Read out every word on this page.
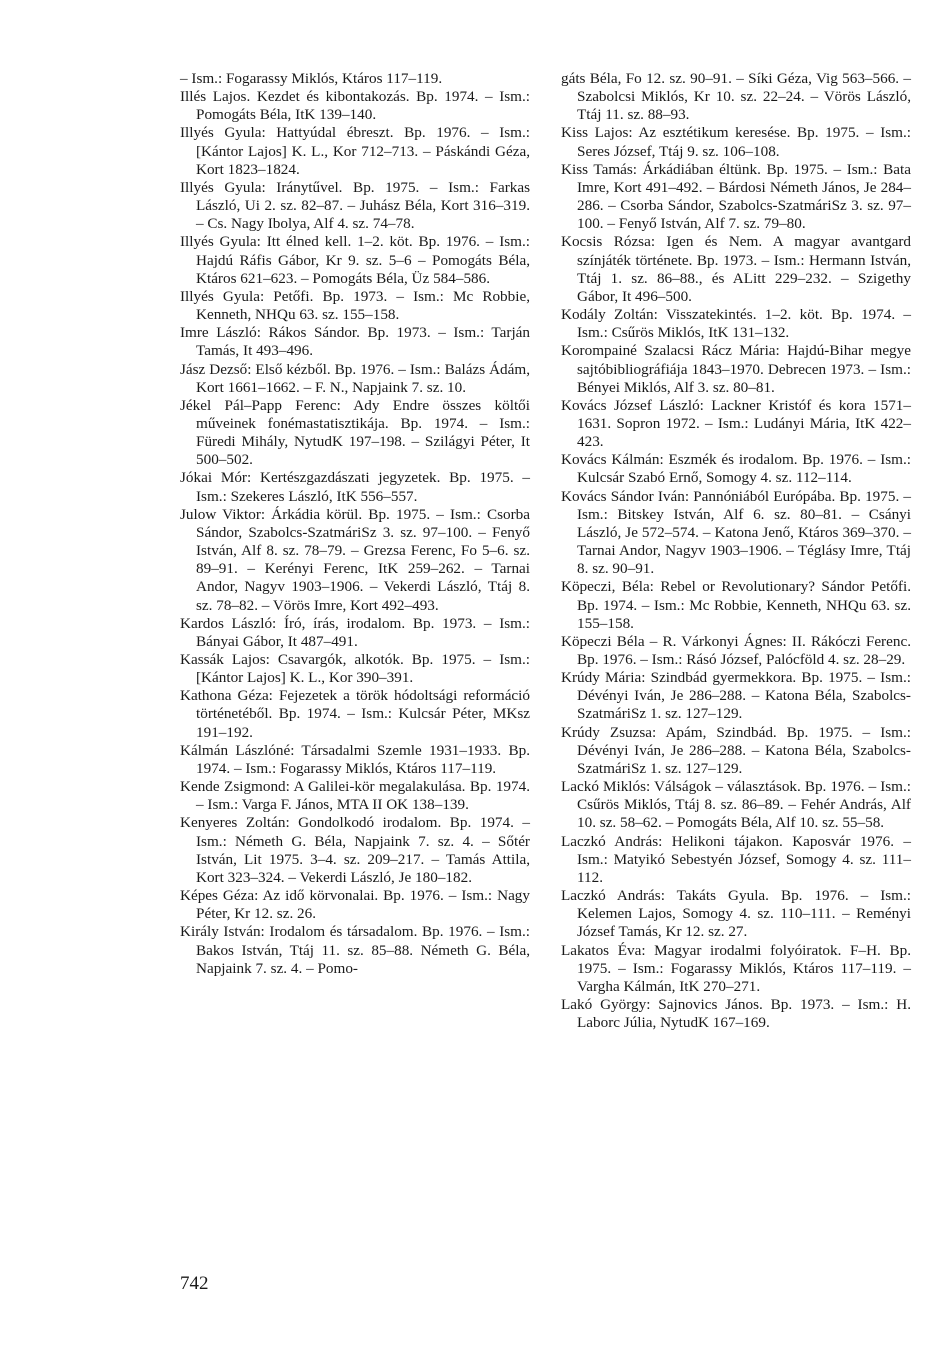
– Ism.: Fogarassy Miklós, Ktáros 117–119.

Illés Lajos. Kezdet és kibontakozás. Bp. 1974. – Ism.: Pomogáts Béla, ItK 139–140.

Illyés Gyula: Hattyúdal ébreszt. Bp. 1976. – Ism.: [Kántor Lajos] K. L., Kor 712–713. – Páskándi Géza, Kort 1823–1824.

Illyés Gyula: Iránytűvel. Bp. 1975. – Ism.: Farkas László, Ui 2. sz. 82–87. – Juhász Béla, Kort 316–319. – Cs. Nagy Ibolya, Alf 4. sz. 74–78.

Illyés Gyula: Itt élned kell. 1–2. köt. Bp. 1976. – Ism.: Hajdú Ráfis Gábor, Kr 9. sz. 5–6 – Pomogáts Béla, Ktáros 621–623. – Pomogáts Béla, Üz 584–586.

Illyés Gyula: Petőfi. Bp. 1973. – Ism.: Mc Robbie, Kenneth, NHQu 63. sz. 155–158.

Imre László: Rákos Sándor. Bp. 1973. – Ism.: Tarján Tamás, It 493–496.

Jász Dezső: Első kézből. Bp. 1976. – Ism.: Balázs Ádám, Kort 1661–1662. – F. N., Napjaink 7. sz. 10.

Jékel Pál–Papp Ferenc: Ady Endre összes költői műveinek fonémastatisztikája. Bp. 1974. – Ism.: Füredi Mihály, NytudK 197–198. – Szilágyi Péter, It 500–502.

Jókai Mór: Kertészgazdászati jegyzetek. Bp. 1975. – Ism.: Szekeres László, ItK 556–557.

Julow Viktor: Árkádia körül. Bp. 1975. – Ism.: Csorba Sándor, Szabolcs-SzatmáriSz 3. sz. 97–100. – Fenyő István, Alf 8. sz. 78–79. – Grezsa Ferenc, Fo 5–6. sz. 89–91. – Kerényi Ferenc, ItK 259–262. – Tarnai Andor, Nagyv 1903–1906. – Vekerdi László, Ttáj 8. sz. 78–82. – Vörös Imre, Kort 492–493.

Kardos László: Író, írás, irodalom. Bp. 1973. – Ism.: Bányai Gábor, It 487–491.

Kassák Lajos: Csavargók, alkotók. Bp. 1975. – Ism.: [Kántor Lajos] K. L., Kor 390–391.

Kathona Géza: Fejezetek a török hódoltsági reformáció történetéből. Bp. 1974. – Ism.: Kulcsár Péter, MKsz 191–192.

Kálmán Lászlóné: Társadalmi Szemle 1931–1933. Bp. 1974. – Ism.: Fogarassy Miklós, Ktáros 117–119.

Kende Zsigmond: A Galilei-kör megalakulása. Bp. 1974. – Ism.: Varga F. János, MTA II OK 138–139.

Kenyeres Zoltán: Gondolkodó irodalom. Bp. 1974. – Ism.: Németh G. Béla, Napjaink 7. sz. 4. – Sőtér István, Lit 1975. 3–4. sz. 209–217. – Tamás Attila, Kort 323–324. – Vekerdi László, Je 180–182.

Képes Géza: Az idő körvonalai. Bp. 1976. – Ism.: Nagy Péter, Kr 12. sz. 26.

Király István: Irodalom és társadalom. Bp. 1976. – Ism.: Bakos István, Ttáj 11. sz. 85–88. Németh G. Béla, Napjaink 7. sz. 4. – Pomo-

gáts Béla, Fo 12. sz. 90–91. – Síki Géza, Vig 563–566. – Szabolcsi Miklós, Kr 10. sz. 22–24. – Vörös László, Ttáj 11. sz. 88–93.

Kiss Lajos: Az esztétikum keresése. Bp. 1975. – Ism.: Seres József, Ttáj 9. sz. 106–108.

Kiss Tamás: Árkádiában éltünk. Bp. 1975. – Ism.: Bata Imre, Kort 491–492. – Bárdosi Németh János, Je 284–286. – Csorba Sándor, Szabolcs-SzatmáriSz 3. sz. 97–100. – Fenyő István, Alf 7. sz. 79–80.

Kocsis Rózsa: Igen és Nem. A magyar avantgard színjáték története. Bp. 1973. – Ism.: Hermann István, Ttáj 1. sz. 86–88., és ALitt 229–232. – Szigethy Gábor, It 496–500.

Kodály Zoltán: Visszatekintés. 1–2. köt. Bp. 1974. – Ism.: Csűrös Miklós, ItK 131–132.

Korompainé Szalacsi Rácz Mária: Hajdú-Bihar megye sajtóbibliográfiája 1843–1970. Debrecen 1973. – Ism.: Bényei Miklós, Alf 3. sz. 80–81.

Kovács József László: Lackner Kristóf és kora 1571–1631. Sopron 1972. – Ism.: Ludányi Mária, ItK 422–423.

Kovács Kálmán: Eszmék és irodalom. Bp. 1976. – Ism.: Kulcsár Szabó Ernő, Somogy 4. sz. 112–114.

Kovács Sándor Iván: Pannóniából Európába. Bp. 1975. – Ism.: Bitskey István, Alf 6. sz. 80–81. – Csányi László, Je 572–574. – Katona Jenő, Ktáros 369–370. – Tarnai Andor, Nagyv 1903–1906. – Téglásy Imre, Ttáj 8. sz. 90–91.

Köpeczi, Béla: Rebel or Revolutionary? Sándor Petőfi. Bp. 1974. – Ism.: Mc Robbie, Kenneth, NHQu 63. sz. 155–158.

Köpeczi Béla – R. Várkonyi Ágnes: II. Rákóczi Ferenc. Bp. 1976. – Ism.: Rásó József, Palócföld 4. sz. 28–29.

Krúdy Mária: Szindbád gyermekkora. Bp. 1975. – Ism.: Dévényi Iván, Je 286–288. – Katona Béla, Szabolcs-SzatmáriSz 1. sz. 127–129.

Krúdy Zsuzsa: Apám, Szindbád. Bp. 1975. – Ism.: Dévényi Iván, Je 286–288. – Katona Béla, Szabolcs-SzatmáriSz 1. sz. 127–129.

Lackó Miklós: Válságok – választások. Bp. 1976. – Ism.: Csűrös Miklós, Ttáj 8. sz. 86–89. – Fehér András, Alf 10. sz. 58–62. – Pomogáts Béla, Alf 10. sz. 55–58.

Laczkó András: Helikoni tájakon. Kaposvár 1976. – Ism.: Matyikó Sebestyén József, Somogy 4. sz. 111–112.

Laczkó András: Takáts Gyula. Bp. 1976. – Ism.: Kelemen Lajos, Somogy 4. sz. 110–111. – Reményi József Tamás, Kr 12. sz. 27.

Lakatos Éva: Magyar irodalmi folyóiratok. F–H. Bp. 1975. – Ism.: Fogarassy Miklós, Ktáros 117–119. – Vargha Kálmán, ItK 270–271.

Lakó György: Sajnovics János. Bp. 1973. – Ism.: H. Laborc Júlia, NytudK 167–169.

742
